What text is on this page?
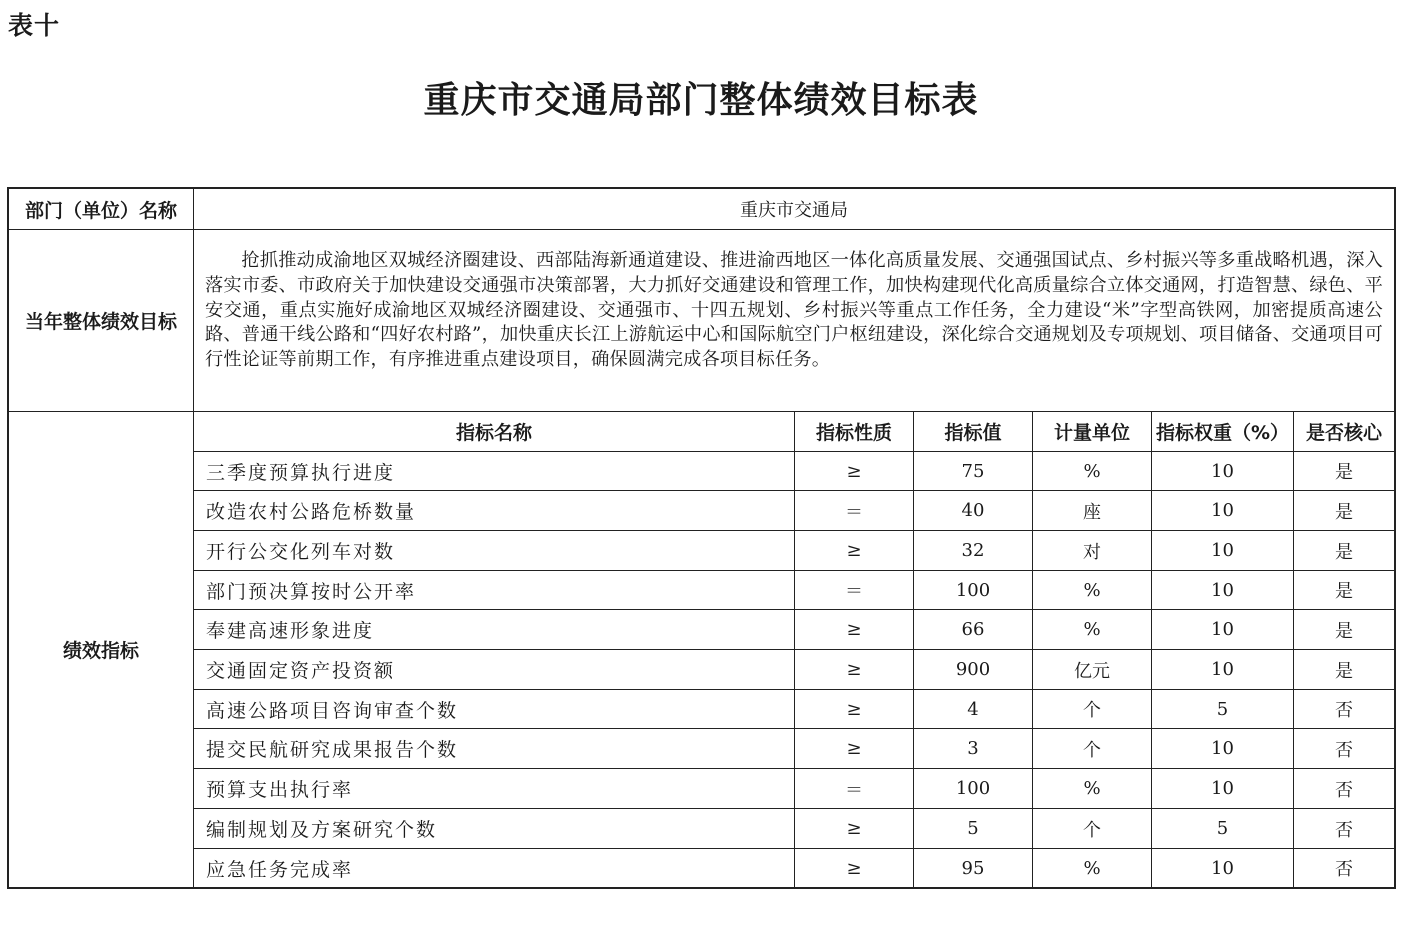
表十
重庆市交通局部门整体绩效目标表
部门（单位）名称	重庆市交通局
当年整体绩效目标
抢抓推动成渝地区双城经济圈建设、西部陆海新通道建设、推进渝西地区一体化高质量发展、交通强国试点、乡村振兴等多重战略机遇，深入落实市委、市政府关于加快建设交通强市决策部署，大力抓好交通建设和管理工作，加快构建现代化高质量综合立体交通网，打造智慧、绿色、平安交通，重点实施好成渝地区双城经济圈建设、交通强市、十四五规划、乡村振兴等重点工作任务，全力建设“米”字型高铁网，加密提质高速公路、普通干线公路和“四好农村路”，加快重庆长江上游航运中心和国际航空门户枢纽建设，深化综合交通规划及专项规划、项目储备、交通项目可行性论证等前期工作，有序推进重点建设项目，确保圆满完成各项目标任务。
绩效指标
指标名称	指标性质	指标值	计量单位	指标权重（%） 是否核心
三季度预算执行进度	≥	75	%	10	是
改造农村公路危桥数量	＝	40	座	10	是
开行公交化列车对数	≥	32	对	10	是
部门预决算按时公开率	＝	100	%	10	是
奉建高速形象进度	≥	66	%	10	是
交通固定资产投资额	≥	900	亿元	10	是
高速公路项目咨询审查个数	≥	4	个	5	否
提交民航研究成果报告个数	≥	3	个	10	否
预算支出执行率	＝	100	%	10	否
编制规划及方案研究个数	≥	5	个	5	否
应急任务完成率	≥	95	%	10	否
